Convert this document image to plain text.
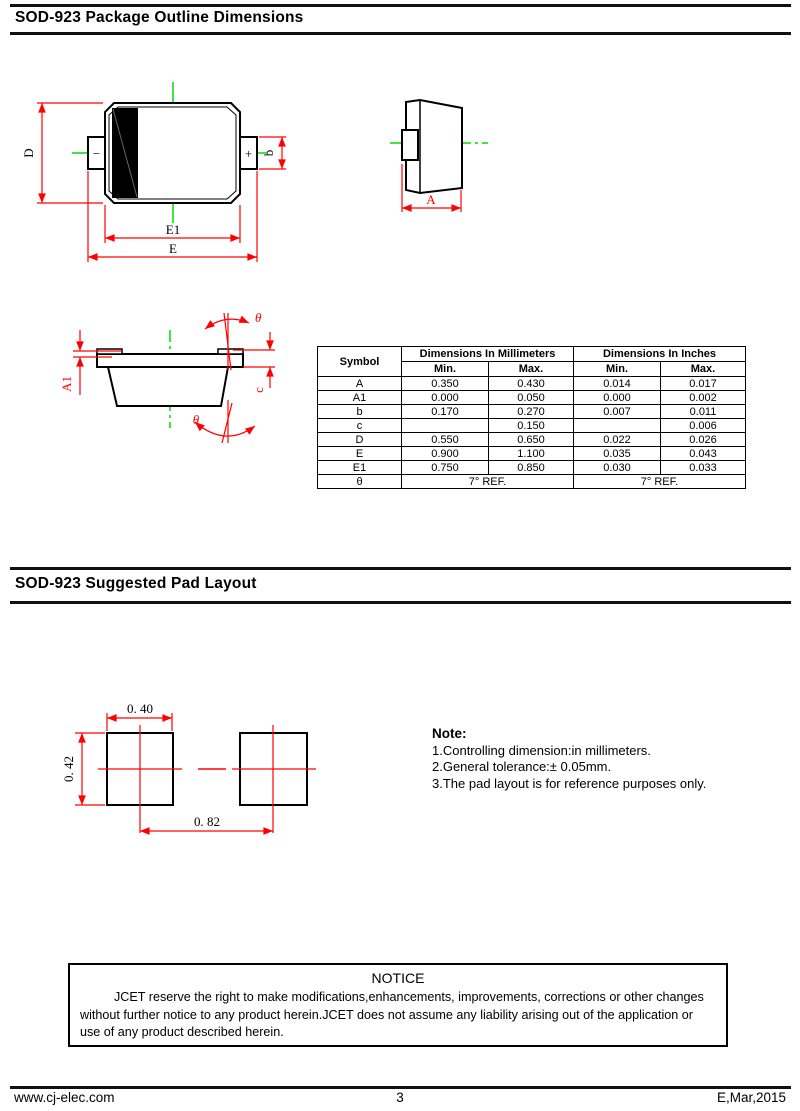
SOD-923 Package Outline Dimensions
−	+
D	b
E1
E
A
A1	c
θ
θ
Symbol	Dimensions In Millimeters		Dimensions In Inches	
	Min.	Max.	Min.	Max.
A	0.350	0.430	0.014	0.017
A1	0.000	0.050	0.000	0.002
b	0.170	0.270	0.007	0.011
c		0.150		0.006
D	0.550	0.650	0.022	0.026
E	0.900	1.100	0.035	0.043
E1	0.750	0.850	0.030	0.033
θ	7° REF.		7° REF.	
SOD-923 Suggested Pad Layout
0. 40
0. 42
0. 82
Note:
1.Controlling dimension:in millimeters.
2.General tolerance:± 0.05mm.
3.The pad layout is for reference purposes only.
NOTICE
JCET reserve the right to make modifications,enhancements, improvements, corrections or other changes without further notice to any product herein.JCET does not assume any liability arising out of the application or use of any product described herein.
www.cj-elec.com	3	E,Mar,2015
